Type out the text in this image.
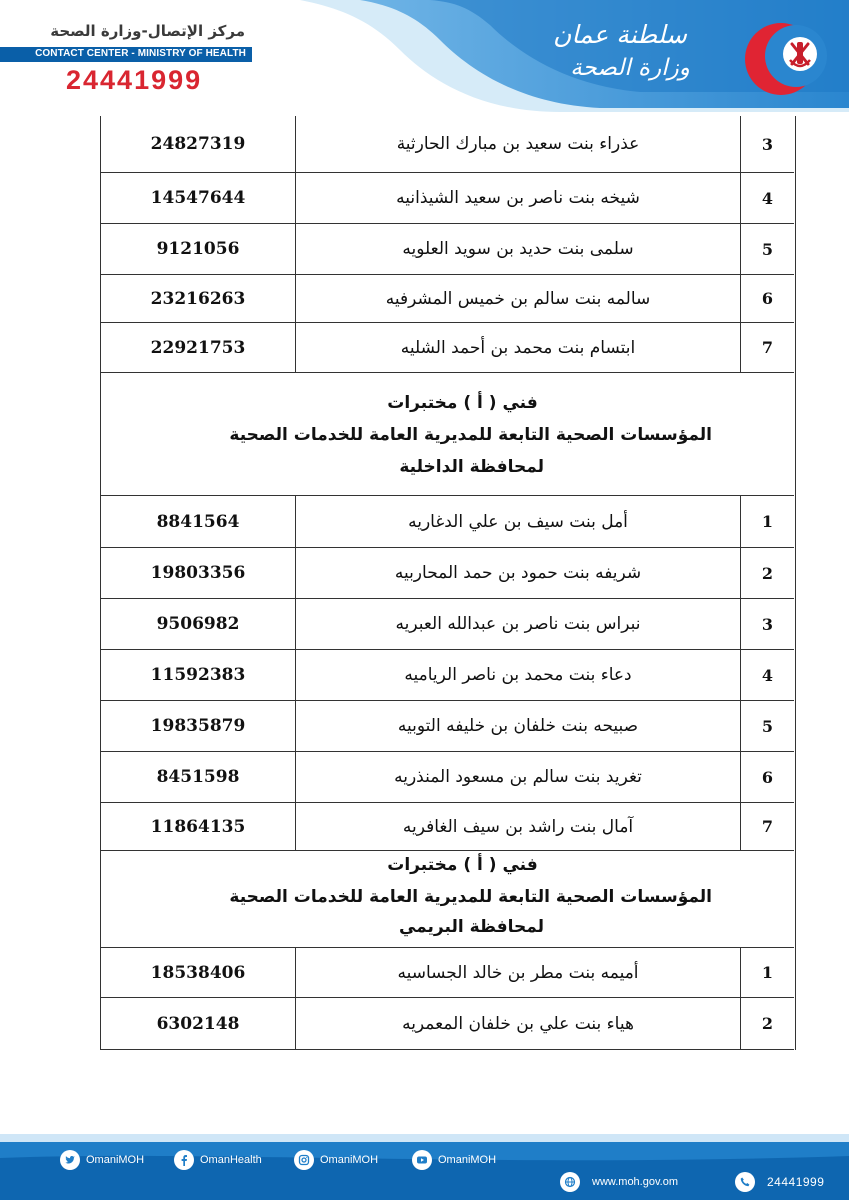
مركز الإتصال-وزارة الصحة
CONTACT CENTER - MINISTRY OF HEALTH
24441999
سلطنة عمان
وزارة الصحة
24827319	عذراء بنت سعيد بن مبارك الحارثية	3
14547644	شيخه بنت ناصر بن سعيد الشيذانيه	4
9121056	سلمى بنت حديد بن سويد العلويه	5
23216263	سالمه بنت سالم بن خميس المشرفيه	6
22921753	ابتسام بنت محمد بن أحمد الشليه	7
فني ( أ ) مختبرات
المؤسسات الصحية التابعة للمديرية العامة للخدمات الصحية
لمحافظة الداخلية
8841564	أمل بنت سيف بن علي الدغاريه	1
19803356	شريفه بنت حمود بن حمد المحاربيه	2
9506982	نبراس بنت ناصر بن عبدالله العبريه	3
11592383	دعاء بنت محمد بن ناصر الرياميه	4
19835879	صبيحه بنت خلفان بن خليفه التوبيه	5
8451598	تغريد بنت سالم بن مسعود المنذريه	6
11864135	آمال بنت راشد بن سيف الغافريه	7
فني ( أ ) مختبرات
المؤسسات الصحية التابعة للمديرية العامة للخدمات الصحية
لمحافظة البريمي
18538406	أميمه بنت مطر بن خالد الجساسيه	1
6302148	هياء بنت علي بن خلفان المعمريه	2
OmaniMOH	OmanHealth	OmaniMOH	OmaniMOH
www.moh.gov.om	24441999
